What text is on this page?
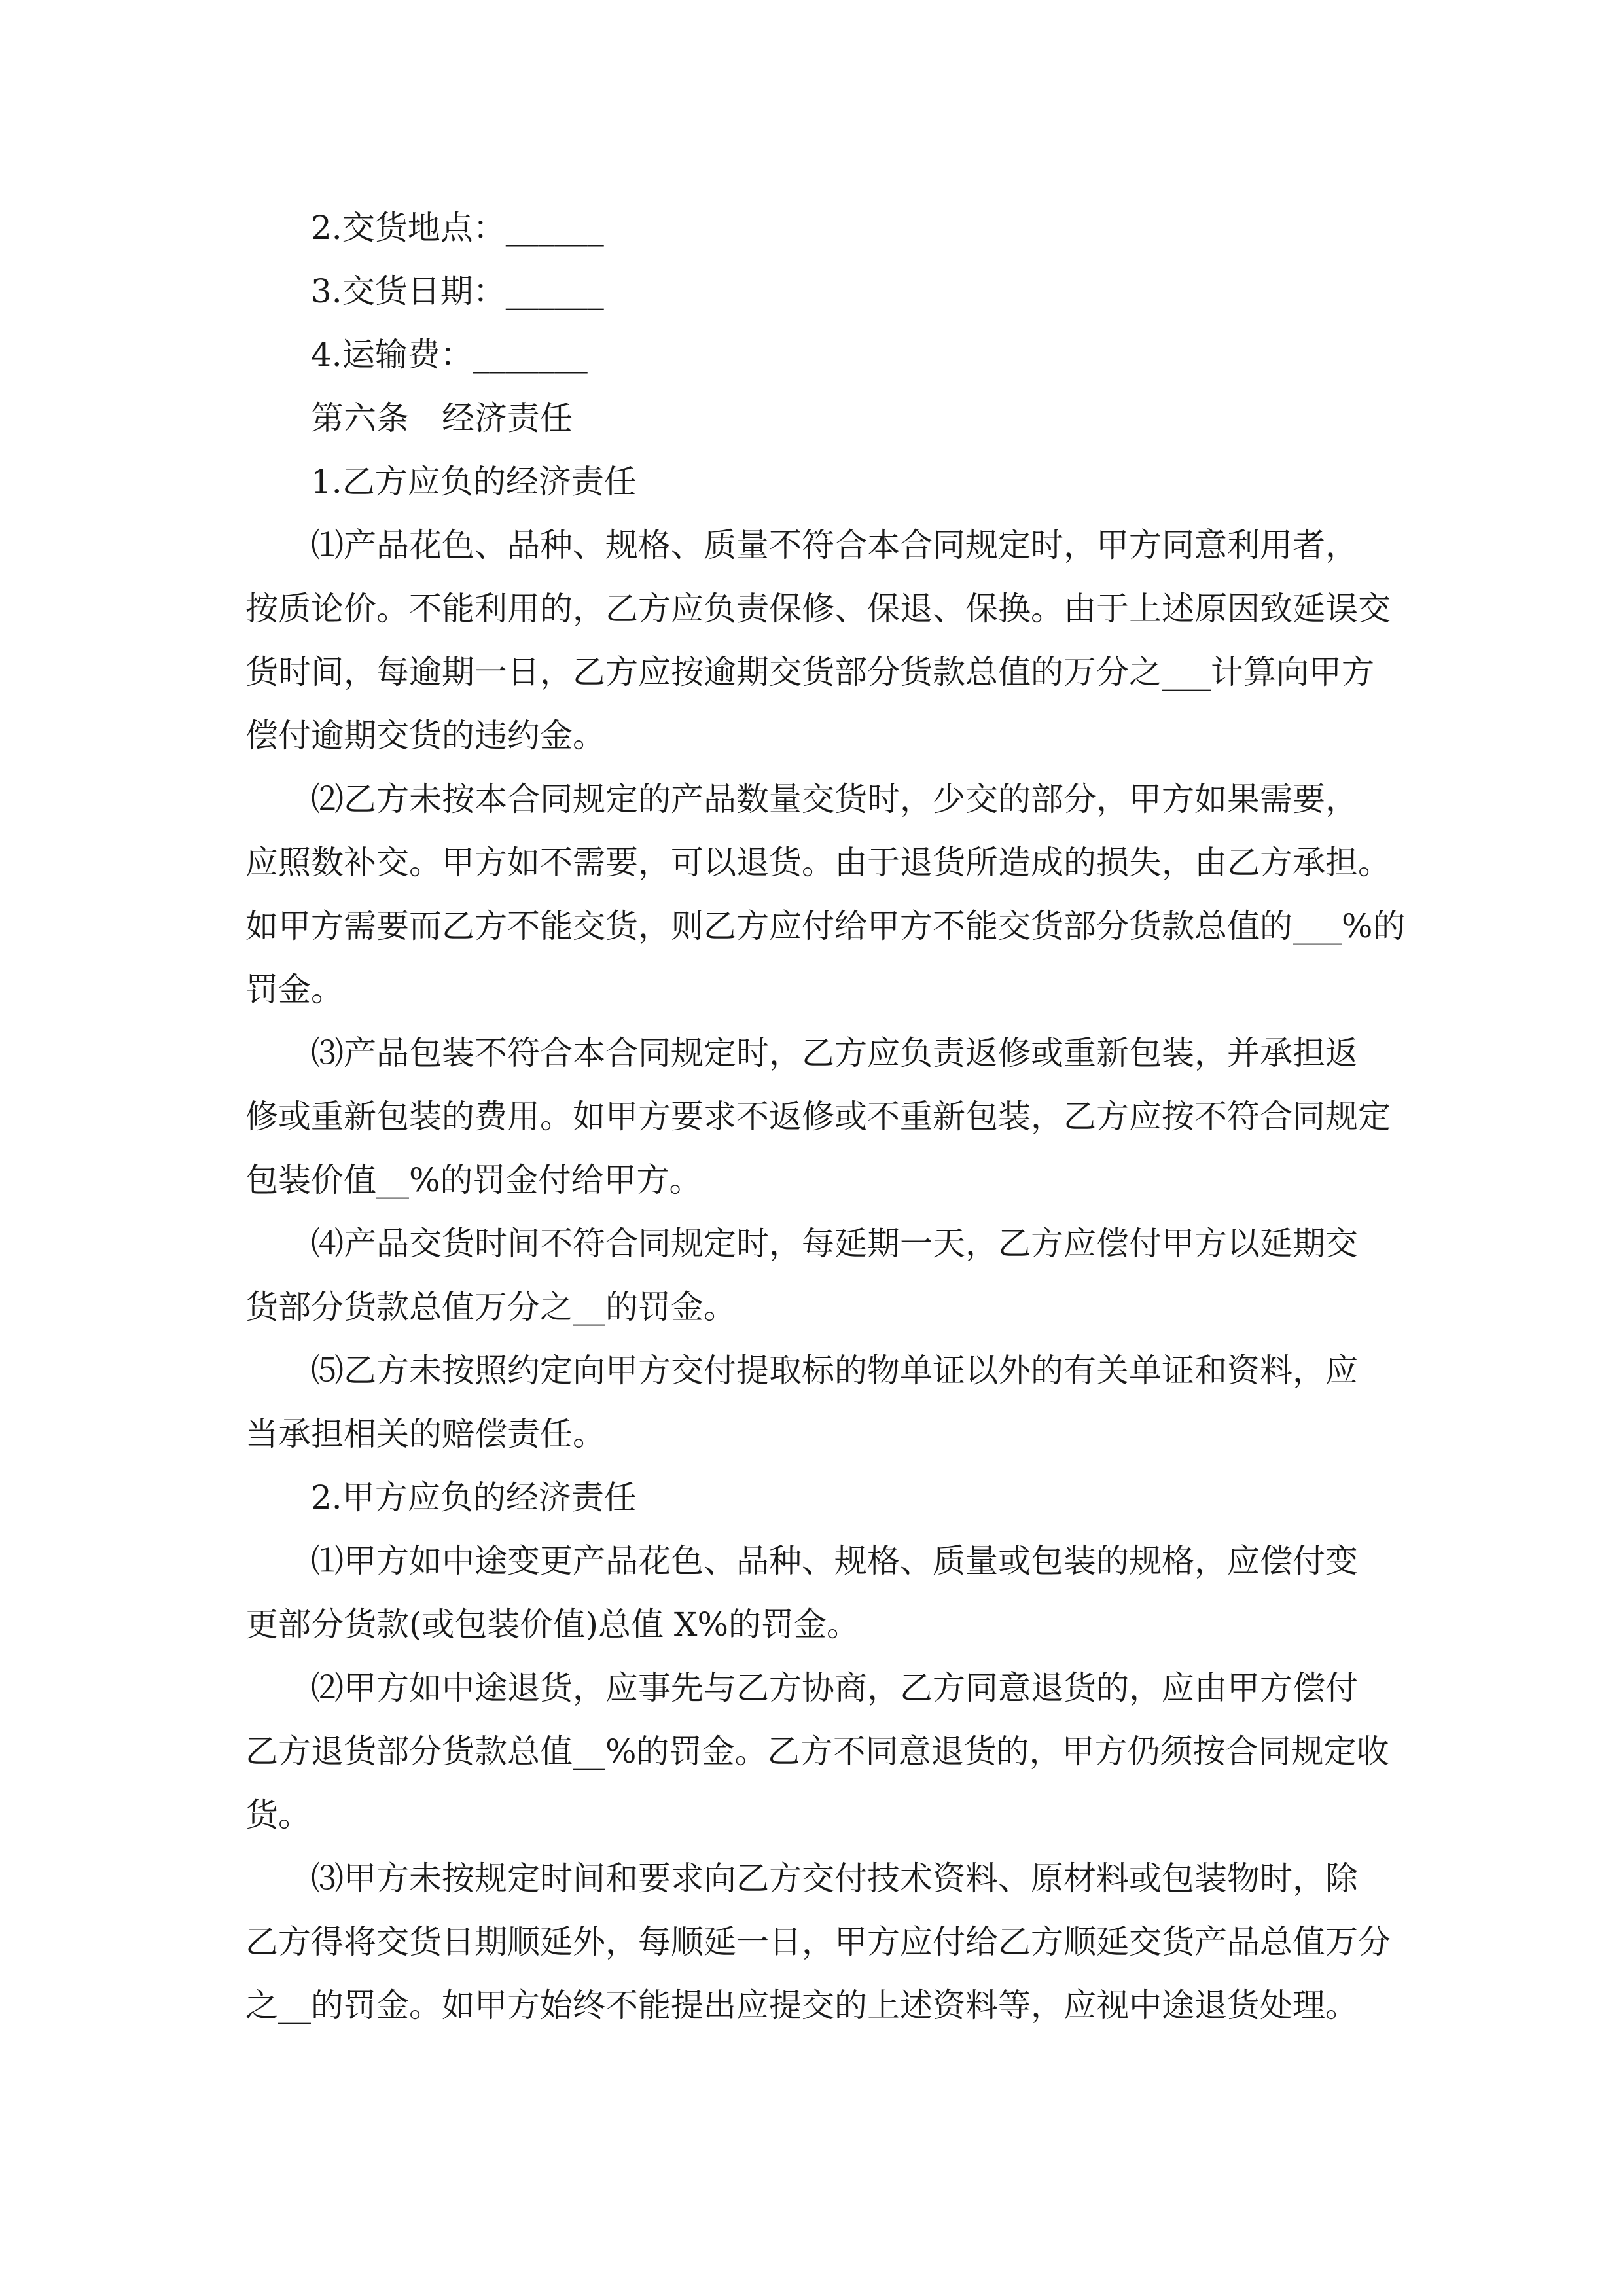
2.交货地点：______
3.交货日期：______
4.运输费：_______
第六条　经济责任
1.乙方应负的经济责任
⑴产品花色、品种、规格、质量不符合本合同规定时，甲方同意利用者，
按质论价。不能利用的，乙方应负责保修、保退、保换。由于上述原因致延误交
货时间，每逾期一日，乙方应按逾期交货部分货款总值的万分之___计算向甲方
偿付逾期交货的违约金。
⑵乙方未按本合同规定的产品数量交货时，少交的部分，甲方如果需要，
应照数补交。甲方如不需要，可以退货。由于退货所造成的损失，由乙方承担。
如甲方需要而乙方不能交货，则乙方应付给甲方不能交货部分货款总值的___%的
罚金。
⑶产品包装不符合本合同规定时，乙方应负责返修或重新包装，并承担返
修或重新包装的费用。如甲方要求不返修或不重新包装，乙方应按不符合同规定
包装价值__%的罚金付给甲方。
⑷产品交货时间不符合同规定时，每延期一天，乙方应偿付甲方以延期交
货部分货款总值万分之__的罚金。
⑸乙方未按照约定向甲方交付提取标的物单证以外的有关单证和资料，应
当承担相关的赔偿责任。
2.甲方应负的经济责任
⑴甲方如中途变更产品花色、品种、规格、质量或包装的规格，应偿付变
更部分货款(或包装价值)总值 X%的罚金。
⑵甲方如中途退货，应事先与乙方协商，乙方同意退货的，应由甲方偿付
乙方退货部分货款总值__%的罚金。乙方不同意退货的，甲方仍须按合同规定收
货。
⑶甲方未按规定时间和要求向乙方交付技术资料、原材料或包装物时，除
乙方得将交货日期顺延外，每顺延一日，甲方应付给乙方顺延交货产品总值万分
之__的罚金。如甲方始终不能提出应提交的上述资料等，应视中途退货处理。
